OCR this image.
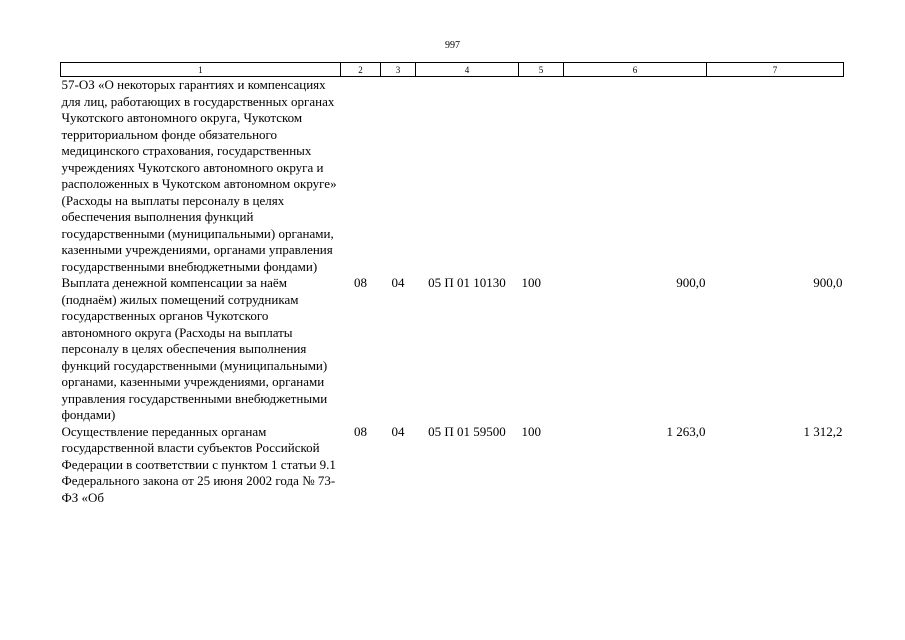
997
1	2	3	4	5	6	7
57-ОЗ «О некоторых гарантиях и компенсациях для лиц, работающих в государственных органах Чукотского автономного округа, Чукотском территориальном фонде обязательного медицинского страхования, государственных учреждениях Чукотского автономного округа и расположенных в Чукотском автономном округе» (Расходы на выплаты персоналу в целях обеспечения выполнения функций государственными (муниципальными) органами, казенными учреждениями, органами управления государственными внебюджетными фондами)						
Выплата денежной компенсации за наём (поднаём) жилых помещений сотрудникам государственных органов Чукотского автономного округа (Расходы на выплаты персоналу в целях обеспечения выполнения функций государственными (муниципальными) органами, казенными учреждениями, органами управления государственными внебюджетными фондами)	08	04	05 П 01 10130	100	900,0	900,0
Осуществление переданных органам государственной власти субъектов Российской Федерации в соответствии с пунктом 1 статьи 9.1 Федерального закона от 25 июня 2002 года № 73-ФЗ «Об	08	04	05 П 01 59500	100	1 263,0	1 312,2
